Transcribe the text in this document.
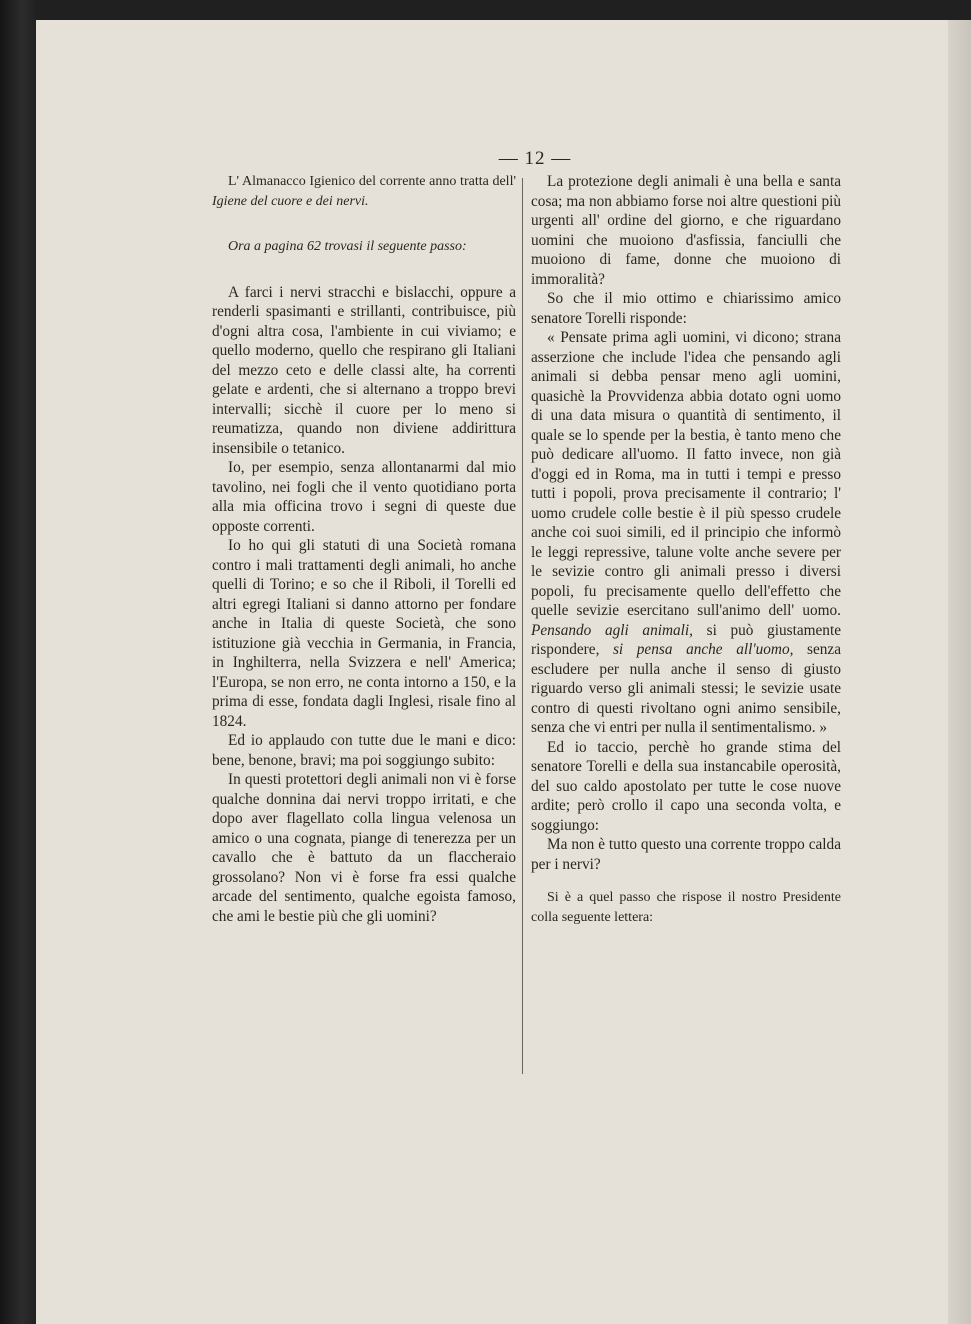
— 12 —

L' Almanacco Igienico del corrente anno tratta dell' Igiene del cuore e dei nervi.

Ora a pagina 62 trovasi il seguente passo:

A farci i nervi stracchi e bislacchi, oppure a renderli spasimanti e strillanti, contribuisce, più d'ogni altra cosa, l'ambiente in cui viviamo; e quello moderno, quello che respirano gli Italiani del mezzo ceto e delle classi alte, ha correnti gelate e ardenti, che si alternano a troppo brevi intervalli; sicchè il cuore per lo meno si reumatizza, quando non diviene addirittura insensibile o tetanico.

Io, per esempio, senza allontanarmi dal mio tavolino, nei fogli che il vento quotidiano porta alla mia officina trovo i segni di queste due opposte correnti.

Io ho qui gli statuti di una Società romana contro i mali trattamenti degli animali, ho anche quelli di Torino; e so che il Riboli, il Torelli ed altri egregi Italiani si danno attorno per fondare anche in Italia di queste Società, che sono istituzione già vecchia in Germania, in Francia, in Inghilterra, nella Svizzera e nell' America; l'Europa, se non erro, ne conta intorno a 150, e la prima di esse, fondata dagli Inglesi, risale fino al 1824.

Ed io applaudo con tutte due le mani e dico: bene, benone, bravi; ma poi soggiungo subito:

In questi protettori degli animali non vi è forse qualche donnina dai nervi troppo irritati, e che dopo aver flagellato colla lingua velenosa un amico o una cognata, piange di tenerezza per un cavallo che è battuto da un flaccheraio grossolano? Non vi è forse fra essi qualche arcade del sentimento, qualche egoista famoso, che ami le bestie più che gli uomini?

La protezione degli animali è una bella e santa cosa; ma non abbiamo forse noi altre questioni più urgenti all' ordine del giorno, e che riguardano uomini che muoiono d'asfissia, fanciulli che muoiono di fame, donne che muoiono di immoralità?

So che il mio ottimo e chiarissimo amico senatore Torelli risponde:

« Pensate prima agli uomini, vi dicono; strana asserzione che include l'idea che pensando agli animali si debba pensar meno agli uomini, quasichè la Provvidenza abbia dotato ogni uomo di una data misura o quantità di sentimento, il quale se lo spende per la bestia, è tanto meno che può dedicare all'uomo. Il fatto invece, non già d'oggi ed in Roma, ma in tutti i tempi e presso tutti i popoli, prova precisamente il contrario; l' uomo crudele colle bestie è il più spesso crudele anche coi suoi simili, ed il principio che informò le leggi repressive, talune volte anche severe per le sevizie contro gli animali presso i diversi popoli, fu precisamente quello dell'effetto che quelle sevizie esercitano sull'animo dell' uomo. Pensando agli animali, si può giustamente rispondere, si pensa anche all'uomo, senza escludere per nulla anche il senso di giusto riguardo verso gli animali stessi; le sevizie usate contro di questi rivoltano ogni animo sensibile, senza che vi entri per nulla il sentimentalismo. »

Ed io taccio, perchè ho grande stima del senatore Torelli e della sua instancabile operosità, del suo caldo apostolato per tutte le cose nuove ardite; però crollo il capo una seconda volta, e soggiungo:

Ma non è tutto questo una corrente troppo calda per i nervi?

Si è a quel passo che rispose il nostro Presidente colla seguente lettera:
